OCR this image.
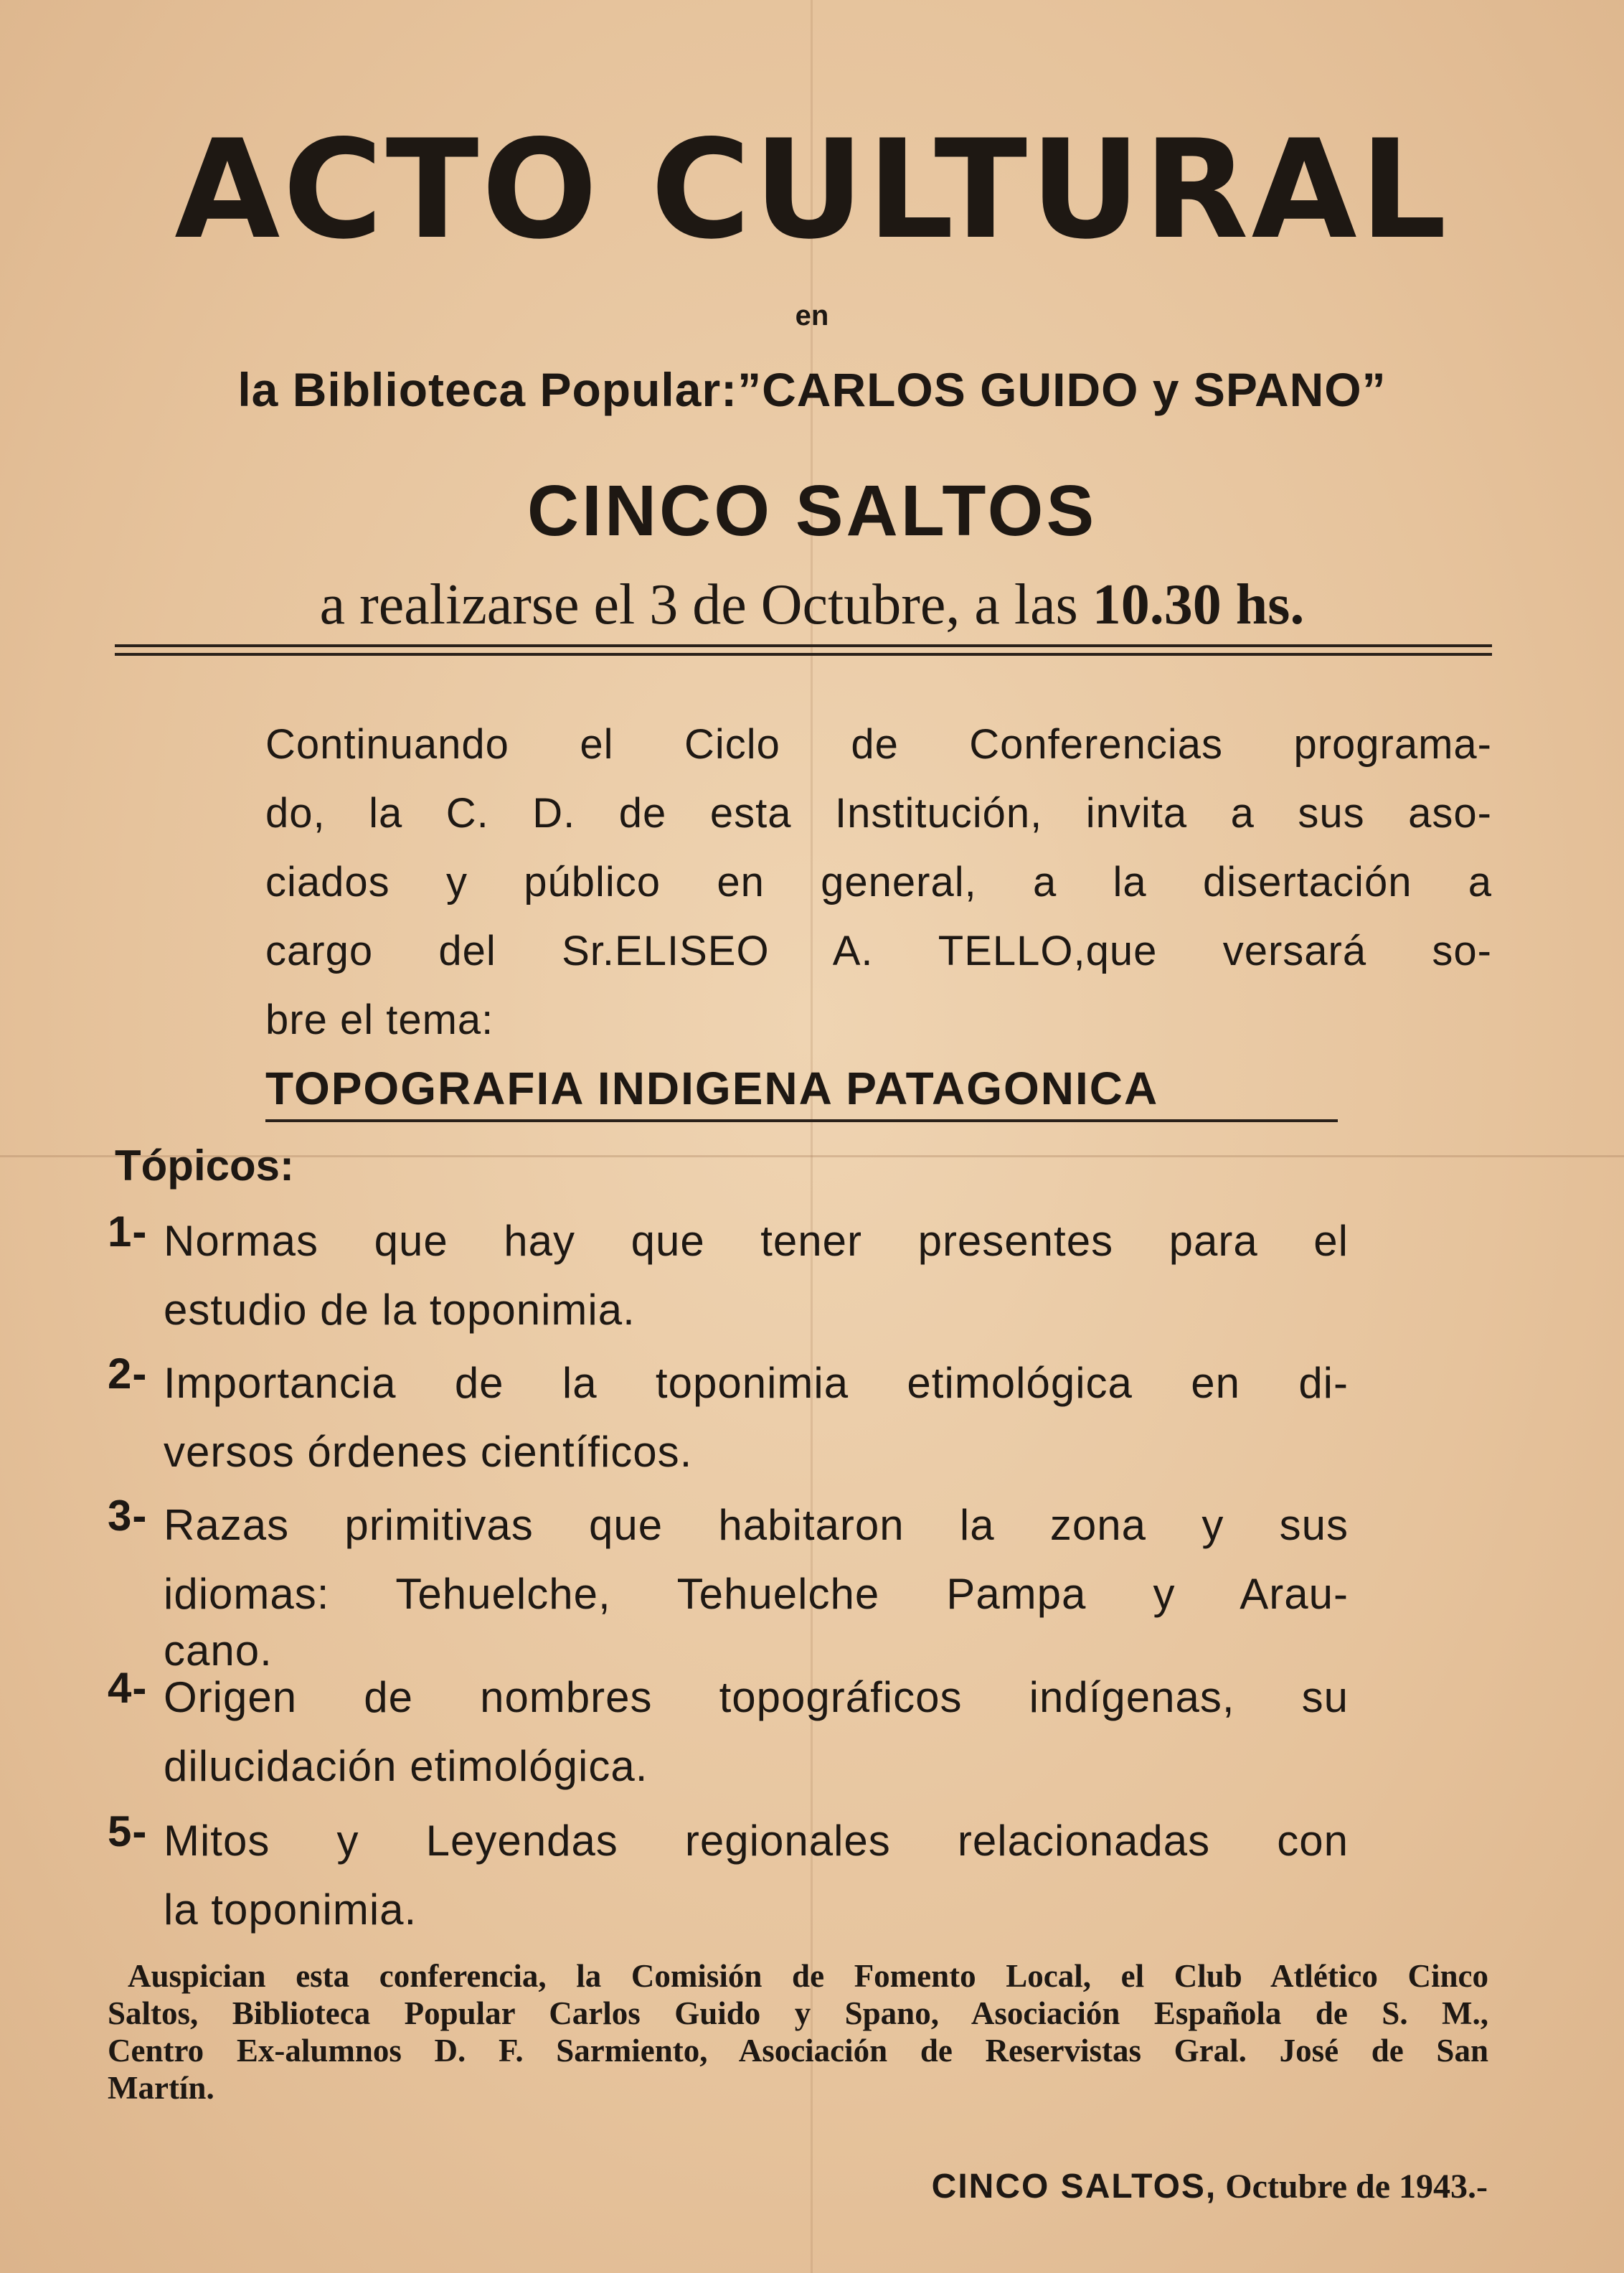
ACTO CULTURAL
en
la Biblioteca Popular:”CARLOS GUIDO y SPANO”
CINCO SALTOS
a realizarse el 3 de Octubre, a las 10.30 hs.
Continuando el Ciclo de Conferencias programa-
do, la C. D. de esta Institución, invita a sus aso-
ciados y público en general, a la disertación a
cargo del Sr.ELISEO A. TELLO,que versará so-
bre el tema:
TOPOGRAFIA INDIGENA PATAGONICA
Tópicos:
1- Normas que hay que tener presentes para el
estudio de la toponimia.
2- Importancia de la toponimia etimológica en di-
versos órdenes científicos.
3- Razas primitivas que habitaron la zona y sus
idiomas: Tehuelche, Tehuelche Pampa y Arau-
cano.
4- Origen de nombres topográficos indígenas, su
dilucidación etimológica.
5- Mitos y Leyendas regionales relacionadas con
la toponimia.
Auspician esta conferencia, la Comisión de Fomento Local, el Club Atlético Cinco
Saltos, Biblioteca Popular Carlos Guido y Spano, Asociación Española de S. M.,
Centro Ex-alumnos D. F. Sarmiento, Asociación de Reservistas Gral. José de San
Martín.
CINCO SALTOS, Octubre de 1943.-
